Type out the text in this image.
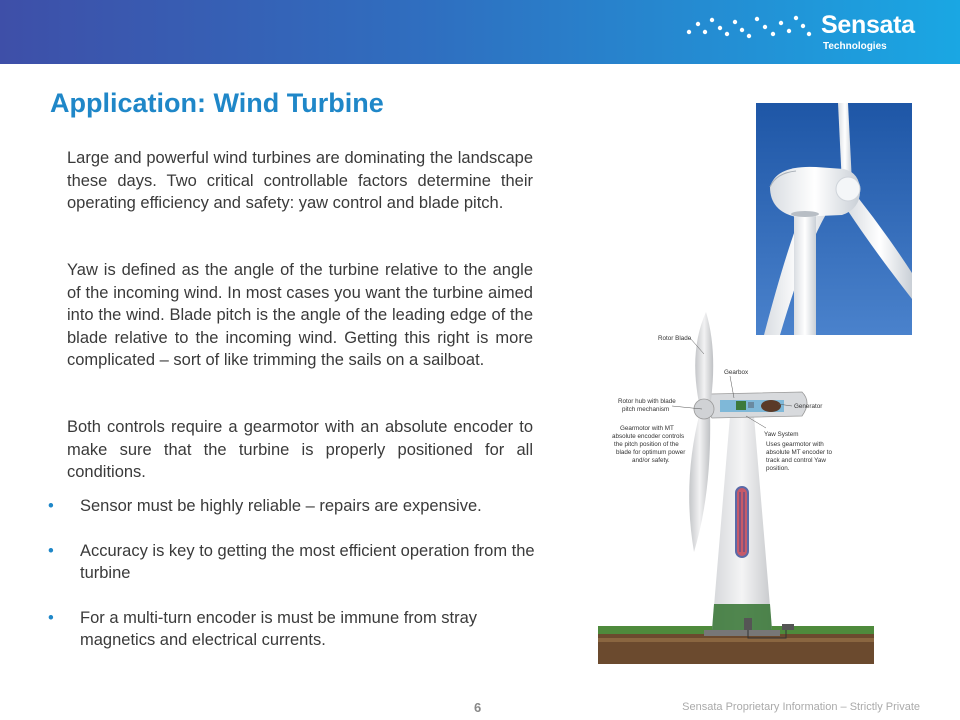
Sensata
Technologies
Application: Wind Turbine

Large and powerful wind turbines are dominating the landscape these days. Two critical controllable factors determine their operating efficiency and safety: yaw control and blade pitch.

Yaw is defined as the angle of the turbine relative to the angle of the incoming wind. In most cases you want the turbine aimed into the wind. Blade pitch is the angle of the leading edge of the blade relative to the incoming wind. Getting this right is more complicated – sort of like trimming the sails on a sailboat.

Both controls require a gearmotor with an absolute encoder to make sure that the turbine is properly positioned for all conditions.

• Sensor must be highly reliable – repairs are expensive.
• Accuracy is key to getting the most efficient operation from the turbine
• For a multi-turn encoder is must be immune from stray magnetics and electrical currents.
Rotor Blade
Gearbox
Rotor hub with blade
pitch mechanism	Generator
Yaw System
Gearmotor with MT
absolute encoder controls
the pitch position of the
blade for optimum power
and/or safety.
Uses gearmotor with
absolute MT encoder to
track and control Yaw
position.
6	Sensata Proprietary Information – Strictly Private
